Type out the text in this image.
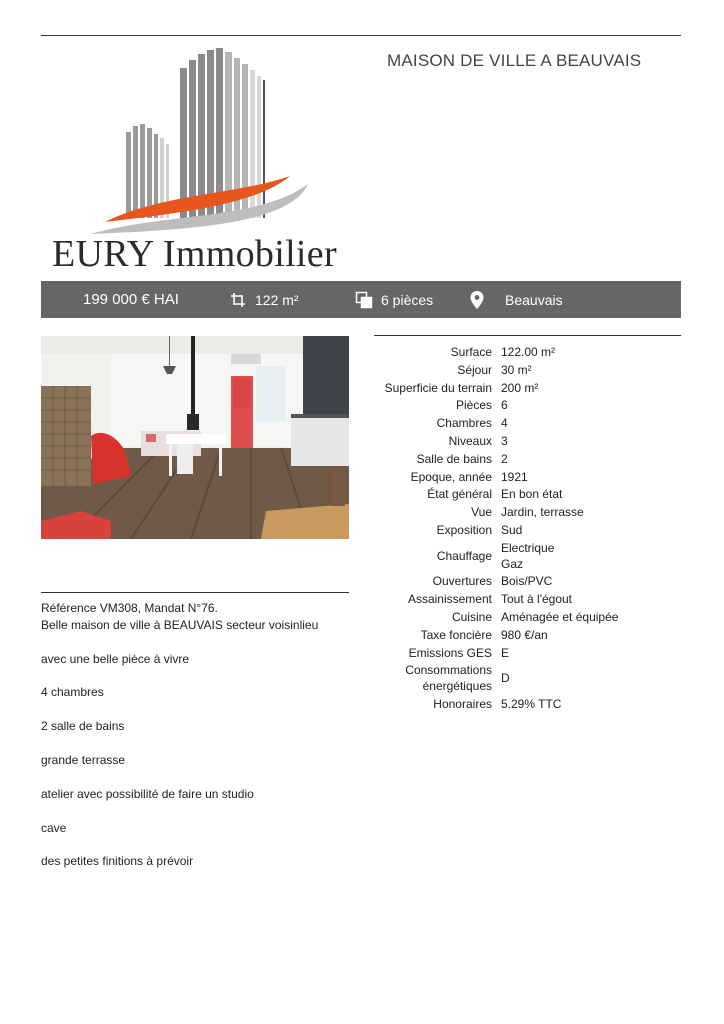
EURY Immobilier
MAISON DE VILLE A BEAUVAIS
199 000 € HAI	122 m²	6 pièces	Beauvais
Surface	122.00 m²
Séjour	30 m²
Superficie du terrain	200 m²
Pièces	6
Chambres	4
Niveaux	3
Salle de bains	2
Epoque, année	1921
État général	En bon état
Vue	Jardin, terrasse
Exposition	Sud
Chauffage	Electrique
Gaz

Ouvertures	Bois/PVC
Assainissement	Tout à l'égout
Cuisine	Aménagée et équipée
Taxe foncière	980 €/an
Emissions GES	E

Consommations
énergétiques	D
Honoraires	5.29% TTC

Référence VM308, Mandat N°76.

Belle maison de ville à BEAUVAIS secteur voisinlieu

avec une belle pièce à vivre

4 chambres

2 salle de bains

grande terrasse

atelier avec possibilité de faire un studio

cave

des petites finitions à prévoir
